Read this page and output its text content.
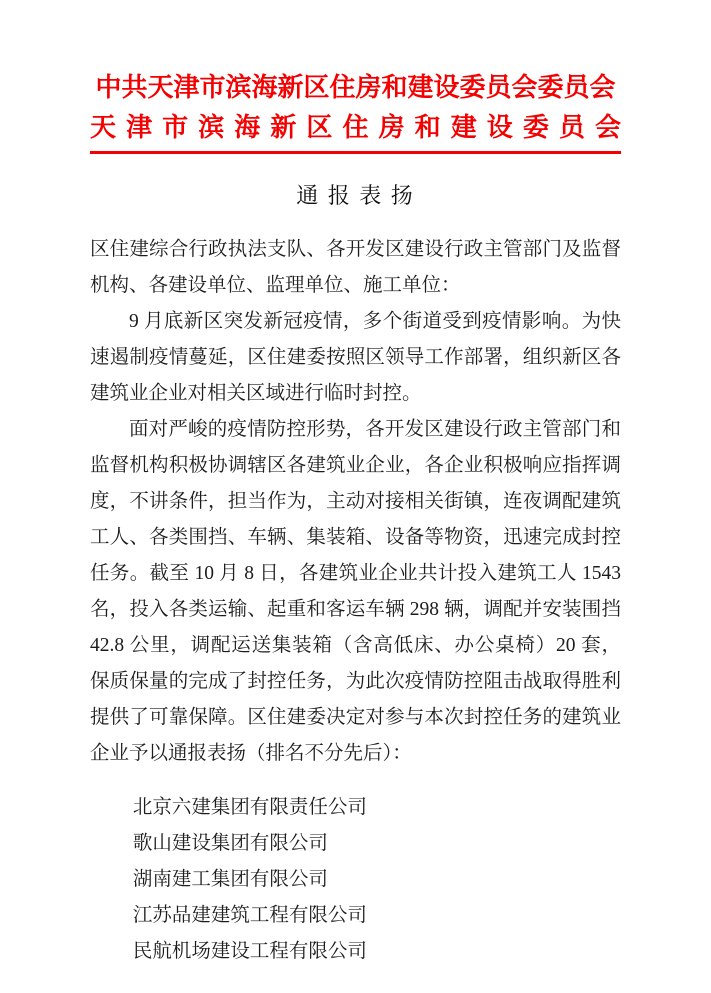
中共天津市滨海新区住房和建设委员会委员会
天津市滨海新区住房和建设委员会
通 报 表 扬
区住建综合行政执法支队、各开发区建设行政主管部门及监督机构、各建设单位、监理单位、施工单位：
9 月底新区突发新冠疫情，多个街道受到疫情影响。为快速遏制疫情蔓延，区住建委按照区领导工作部署，组织新区各建筑业企业对相关区域进行临时封控。
面对严峻的疫情防控形势，各开发区建设行政主管部门和监督机构积极协调辖区各建筑业企业，各企业积极响应指挥调度，不讲条件，担当作为，主动对接相关街镇，连夜调配建筑工人、各类围挡、车辆、集装箱、设备等物资，迅速完成封控任务。截至 10 月 8 日，各建筑业企业共计投入建筑工人 1543 名，投入各类运输、起重和客运车辆 298 辆，调配并安装围挡 42.8 公里，调配运送集装箱（含高低床、办公桌椅）20 套，保质保量的完成了封控任务，为此次疫情防控阻击战取得胜利提供了可靠保障。区住建委决定对参与本次封控任务的建筑业企业予以通报表扬（排名不分先后）：
北京六建集团有限责任公司
歌山建设集团有限公司
湖南建工集团有限公司
江苏品建建筑工程有限公司
民航机场建设工程有限公司
